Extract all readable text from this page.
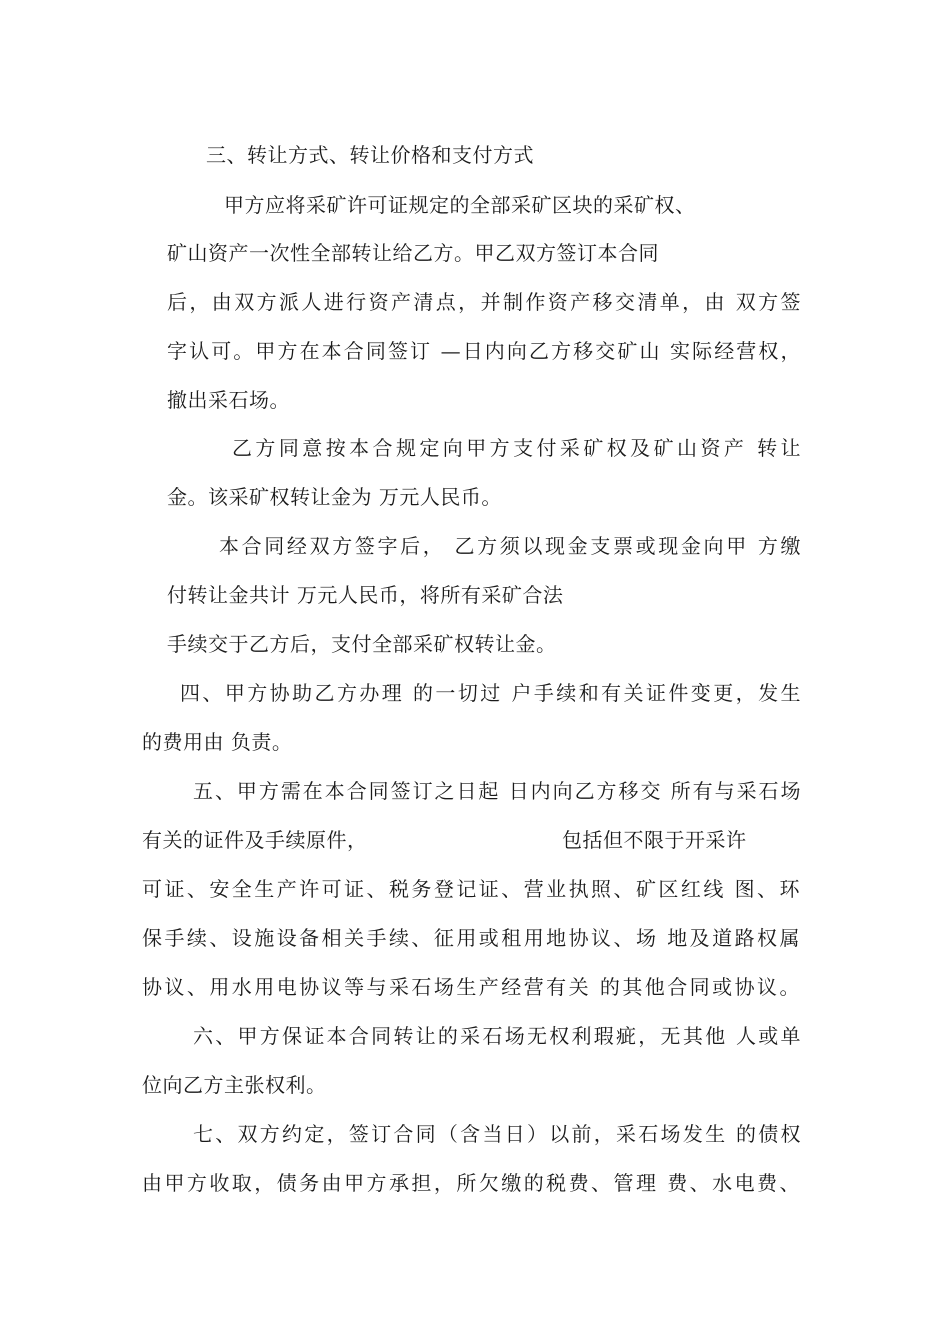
三、转让方式、转让价格和支付方式
甲方应将采矿许可证规定的全部采矿区块的采矿权、
矿山资产一次性全部转让给乙方。甲乙双方签订本合同
后，由双方派人进行资产清点，并制作资产移交清单，由 双方签
字认可。甲方在本合同签订 —日内向乙方移交矿山 实际经营权，
撤出采石场。
乙方同意按本合规定向甲方支付采矿权及矿山资产 转让
金。该采矿权转让金为 万元人民币。
本合同经双方签字后， 乙方须以现金支票或现金向甲 方缴
付转让金共计 万元人民币，将所有采矿合法
手续交于乙方后，支付全部采矿权转让金。
四、甲方协助乙方办理 的一切过 户手续和有关证件变更，发生
的费用由 负责。
五、甲方需在本合同签订之日起 日内向乙方移交 所有与采石场
有关的证件及手续原件，	包括但不限于开采许
可证、安全生产许可证、税务登记证、营业执照、矿区红线 图、环
保手续、设施设备相关手续、征用或租用地协议、场 地及道路权属
协议、用水用电协议等与采石场生产经营有关 的其他合同或协议。
六、甲方保证本合同转让的采石场无权利瑕疵，无其他 人或单
位向乙方主张权利。
七、双方约定，签订合同（含当日）以前，采石场发生 的债权
由甲方收取，债务由甲方承担，所欠缴的税费、管理 费、水电费、
